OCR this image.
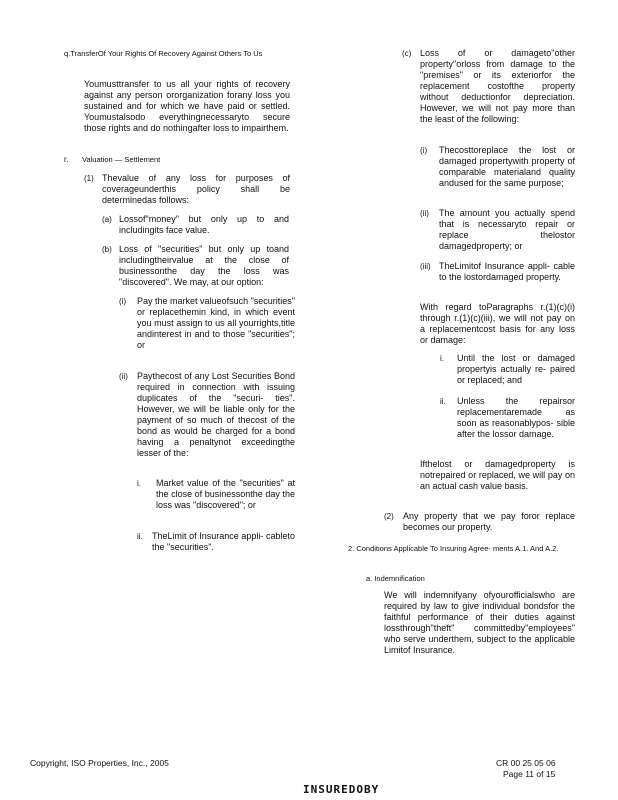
q.TransferOf Your Rights Of Recovery Against Others To Us
Youmusttransfer to us all your rights of recovery against any person ororganization forany loss you sustained and for which we have paid or settled. Youmustalsodo everythingnecessaryto secure those rights and do nothingafter loss to impairthem.
r. Valuation — Settlement
(1) Thevalue of any loss for purposes of coverageunderthis policy shall be determinedas follows:
(a) Lossof"money" but only up to and includingits face value.
(b) Loss of "securities" but only up toand includingtheirvalue at the close of businessonthe day the loss was "discovered". We may, at our option:
(i) Pay the market valueofsuch "securities" or replacethemin kind, in which event you must assign to us all yourrights,title andinterest in and to those "securities"; or
(ii) Paythecost of any Lost Securities Bond required in connection with issuing duplicates of the "securi- ties". However, we will be liable only for the payment of so much of thecost of the bond as would be charged for a bond having a penaltynot exceedingthe lesser of the:
i. Market value of the "securities" at the close of businessonthe day the loss was "discovered"; or
ii. TheLimit of Insurance appli- cableto the "securities".
(c) Loss of or damageto"other property"orloss from damage to the "premises" or its exteriorfor the replacement costofthe property without deductionfor depreciation. However, we will not pay more than the least of the following:
(i) Thecosttoreplace the lost or damaged propertywith property of comparable materialand quality andused for the same purpose;
(ii) The amount you actually spend that is necessaryto repair or replace thelostor damagedproperty; or
(iii) TheLimitof Insurance appli- cable to the lostordamaged property.
With regard toParagraphs r.(1)(c)(i) through r.(1)(c)(iii), we will not pay on a replacementcost basis for any loss or damage:
i. Until the lost or damaged propertyis actually re- paired or replaced; and
ii. Unless the repairsor replacementaremade as soon as reasonablypos- sible after the lossor damage.
Ifthelost or damagedproperty is notrepaired or replaced, we will pay on an actual cash value basis.
(2) Any property that we pay foror replace becomes our property.
2. Conditions Applicable To Insuring Agree- ments A.1. And A.2.
a. Indemnification
We will indemnifyany ofyourofficialswho are required by law to give individual bondsfor the faithful performance of their duties against lossthrough"theft" committedby"employees" who serve underthem, subject to the applicable Limitof Insurance.
Copyright, ISO Properties, Inc., 2005	CR 00 25 05 06
Page 11 of 15
INSUREDOBY
